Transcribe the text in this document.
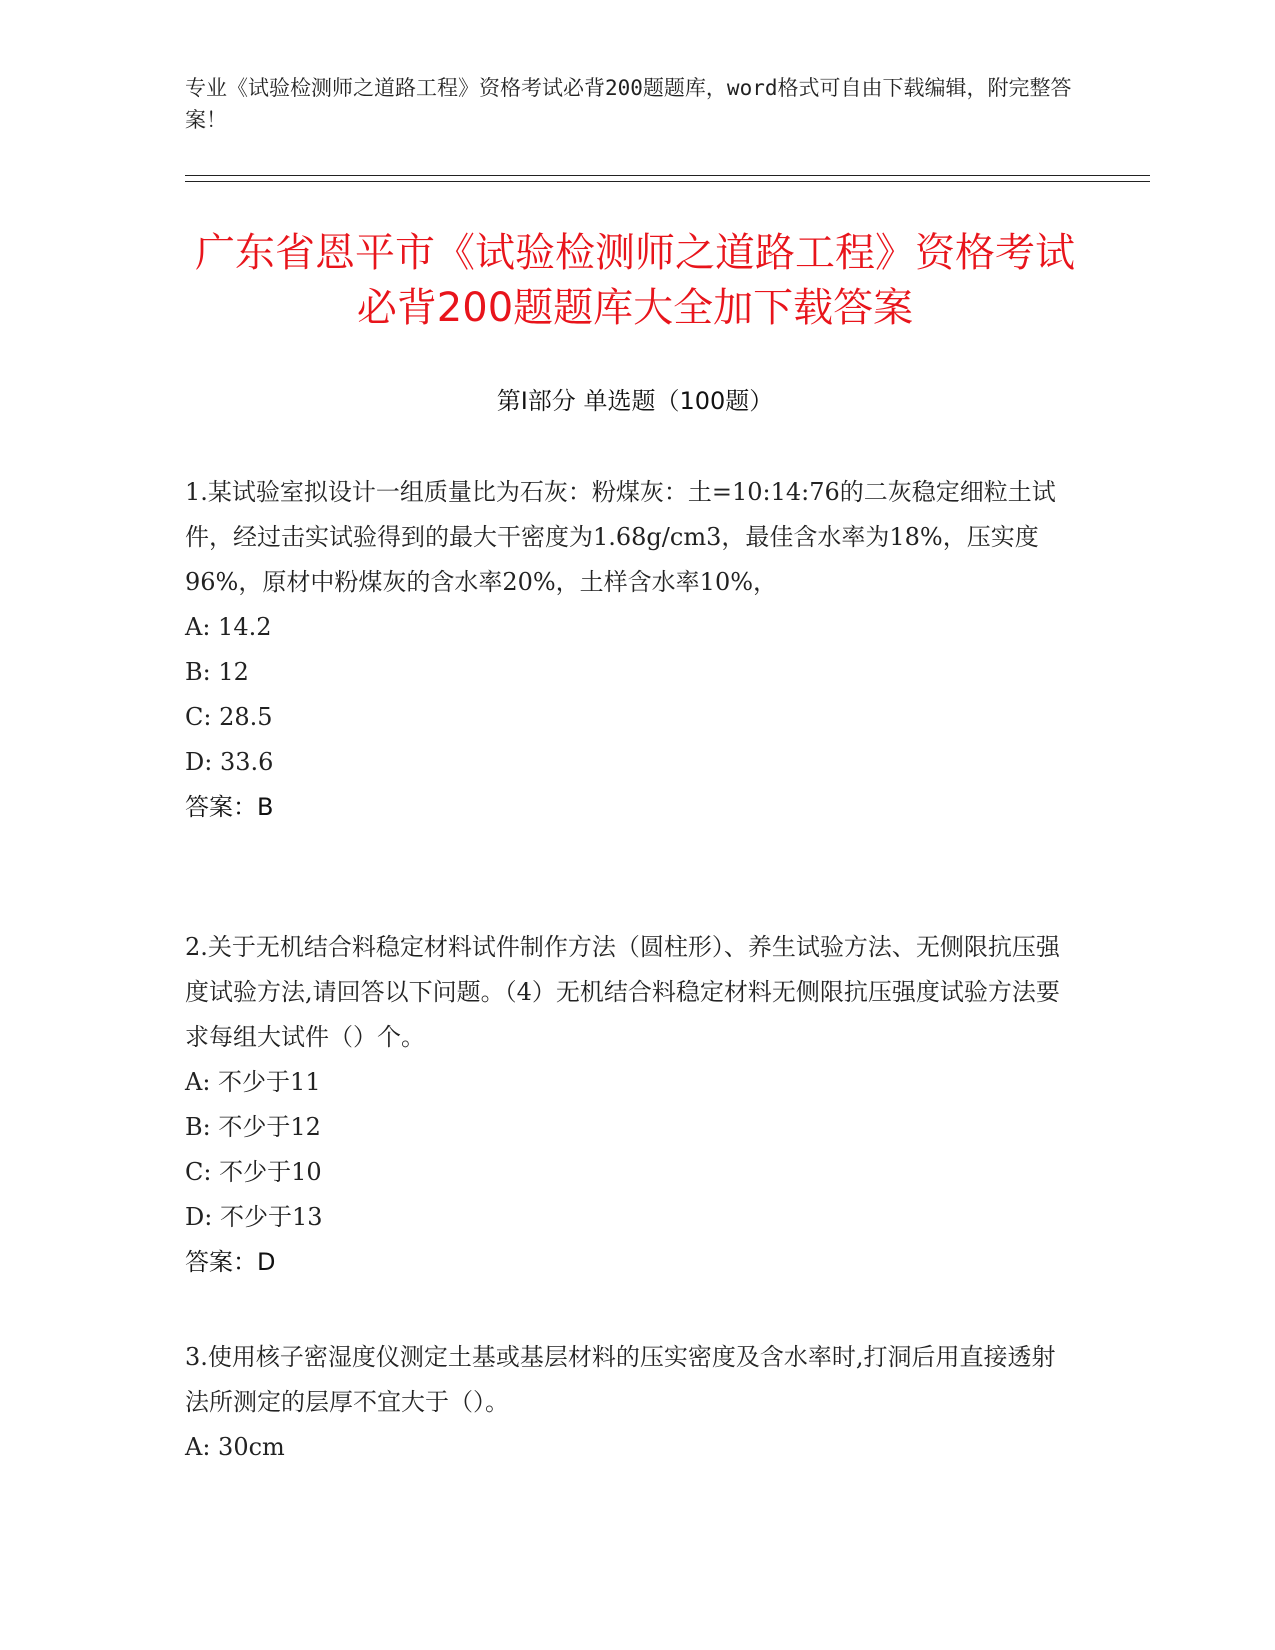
专业《试验检测师之道路工程》资格考试必背200题题库，word格式可自由下载编辑，附完整答案！
广东省恩平市《试验检测师之道路工程》资格考试必背200题题库大全加下载答案
第Ⅰ部分 单选题（100题）

1.某试验室拟设计一组质量比为石灰：粉煤灰：土=10:14:76的二灰稳定细粒土试件，经过击实试验得到的最大干密度为1.68g/cm3，最佳含水率为18%，压实度96%，原材中粉煤灰的含水率20%，土样含水率10%，

A: 14.2

B: 12

C: 28.5

D: 33.6

答案：B

2.关于无机结合料稳定材料试件制作方法（圆柱形）、养生试验方法、无侧限抗压强度试验方法,请回答以下问题。（4）无机结合料稳定材料无侧限抗压强度试验方法要求每组大试件（）个。

A: 不少于11

B: 不少于12

C: 不少于10

D: 不少于13

答案：D

3.使用核子密湿度仪测定土基或基层材料的压实密度及含水率时,打洞后用直接透射法所测定的层厚不宜大于（）。

A: 30cm
